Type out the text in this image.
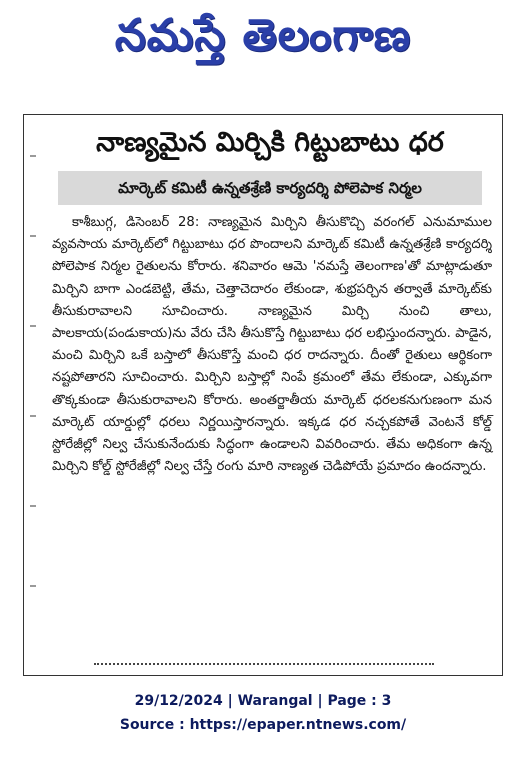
నమస్తే తెలంగాణ
నాణ్యమైన మిర్చికి గిట్టుబాటు ధర
మార్కెట్ కమిటీ ఉన్నతశ్రేణి కార్యదర్శి పోలెపాక నిర్మల

కాశీబుగ్గ, డిసెంబర్ 28: నాణ్యమైన మిర్చిని తీసుకొచ్చి వరంగల్ ఎనుమాముల వ్యవసాయ మార్కెట్‌లో గిట్టుబాటు ధర పొందాలని మార్కెట్ కమిటీ ఉన్నతశ్రేణి కార్యదర్శి పోలెపాక నిర్మల రైతులను కోరారు. శనివారం ఆమె 'నమస్తే తెలంగాణ'తో మాట్లాడుతూ మిర్చిని బాగా ఎండబెట్టి, తేమ, చెత్తాచెదారం లేకుండా, శుభ్రపర్చిన తర్వాతే మార్కెట్‌కు తీసుకురావాలని సూచించారు. నాణ్యమైన మిర్చి నుంచి తాలు, పాలకాయ(పండుకాయ)ను వేరు చేసి తీసుకొస్తే గిట్టుబాటు ధర లభిస్తుందన్నారు. పాడైన, మంచి మిర్చిని ఒకే బస్తాలో తీసుకొస్తే మంచి ధర రాదన్నారు. దీంతో రైతులు ఆర్థికంగా నష్టపోతారని సూచించారు. మిర్చిని బస్తాల్లో నింపే క్రమంలో తేమ లేకుండా, ఎక్కువగా తొక్కకుండా తీసుకురావాలని కోరారు. అంతర్జాతీయ మార్కెట్ ధరలకనుగుణంగా మన మార్కెట్ యార్డుల్లో ధరలు నిర్ణయిస్తారన్నారు. ఇక్కడ ధర నచ్చకపోతే వెంటనే కోల్డ్ స్టోరేజీల్లో నిల్వ చేసుకునేందుకు సిద్ధంగా ఉండాలని వివరించారు. తేమ అధికంగా ఉన్న మిర్చిని కోల్డ్ స్టోరేజీల్లో నిల్వ చేస్తే రంగు మారి నాణ్యత చెడిపోయే ప్రమాదం ఉందన్నారు.

29/12/2024 | Warangal | Page : 3
Source : https://epaper.ntnews.com/
